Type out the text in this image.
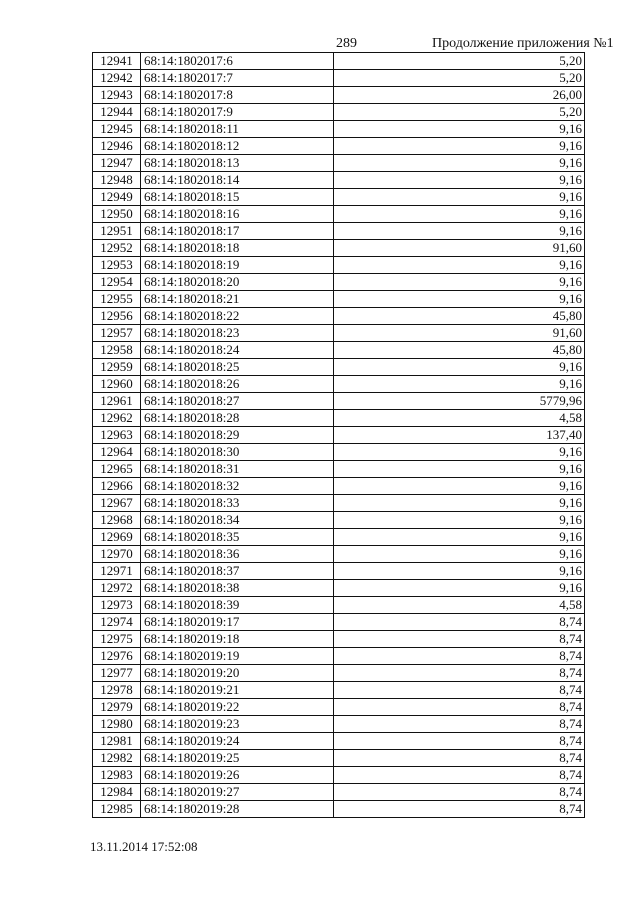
289	Продолжение приложения №1
12941 68:14:1802017:6	5,20
12942 68:14:1802017:7	5,20
12943 68:14:1802017:8	26,00
12944 68:14:1802017:9	5,20
12945 68:14:1802018:11	9,16
12946 68:14:1802018:12	9,16
12947 68:14:1802018:13	9,16
12948 68:14:1802018:14	9,16
12949 68:14:1802018:15	9,16
12950 68:14:1802018:16	9,16
12951 68:14:1802018:17	9,16
12952 68:14:1802018:18	91,60
12953 68:14:1802018:19	9,16
12954 68:14:1802018:20	9,16
12955 68:14:1802018:21	9,16
12956 68:14:1802018:22	45,80
12957 68:14:1802018:23	91,60
12958 68:14:1802018:24	45,80
12959 68:14:1802018:25	9,16
12960 68:14:1802018:26	9,16
12961 68:14:1802018:27	5779,96
12962 68:14:1802018:28	4,58
12963 68:14:1802018:29	137,40
12964 68:14:1802018:30	9,16
12965 68:14:1802018:31	9,16
12966 68:14:1802018:32	9,16
12967 68:14:1802018:33	9,16
12968 68:14:1802018:34	9,16
12969 68:14:1802018:35	9,16
12970 68:14:1802018:36	9,16
12971 68:14:1802018:37	9,16
12972 68:14:1802018:38	9,16
12973 68:14:1802018:39	4,58
12974 68:14:1802019:17	8,74
12975 68:14:1802019:18	8,74
12976 68:14:1802019:19	8,74
12977 68:14:1802019:20	8,74
12978 68:14:1802019:21	8,74
12979 68:14:1802019:22	8,74
12980 68:14:1802019:23	8,74
12981 68:14:1802019:24	8,74
12982 68:14:1802019:25	8,74
12983 68:14:1802019:26	8,74
12984 68:14:1802019:27	8,74
12985 68:14:1802019:28	8,74
13.11.2014 17:52:08
